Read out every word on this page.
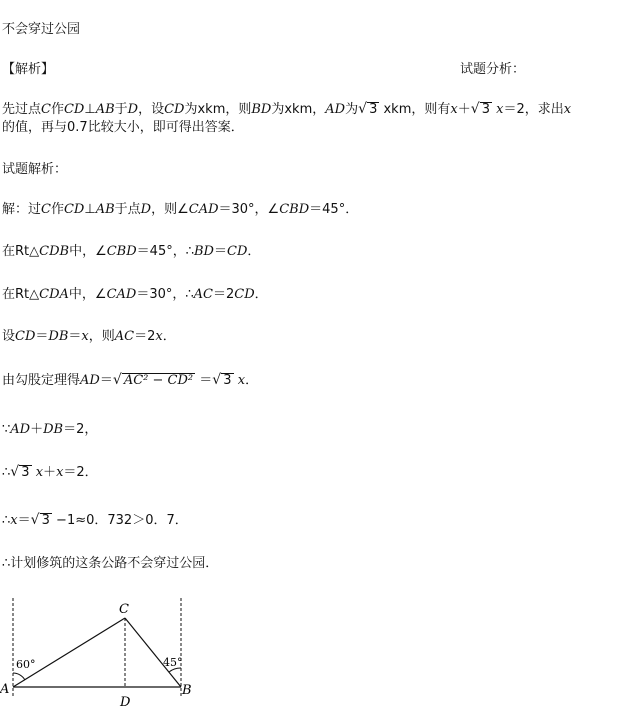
不会穿过公园
【解析】	试题分析：
先过点C作CD⊥AB于D，设CD为xkm，则BD为xkm，AD为 √ 3 xkm，则有x＋ √ 3 x＝2，求出x
的值，再与0.7比较大小，即可得出答案．
试题解析：
解：过C作CD⊥AB于点D，则∠CAD＝30°，∠CBD＝45°．
在Rt△CDB中，∠CBD＝45°，∴BD＝CD．
在Rt△CDA中，∠CAD＝30°，∴AC＝2CD．
设CD＝DB＝x，则AC＝2x．
由勾股定理得AD＝ √ AC² − CD² ＝ √ 3 x．
∵AD＋DB＝2，
∴ √ 3 x＋x＝2．
∴x＝ √ 3 −1≈0．732＞0．7．
∴计划修筑的这条公路不会穿过公园．
C
A	B
D
60°	45°
